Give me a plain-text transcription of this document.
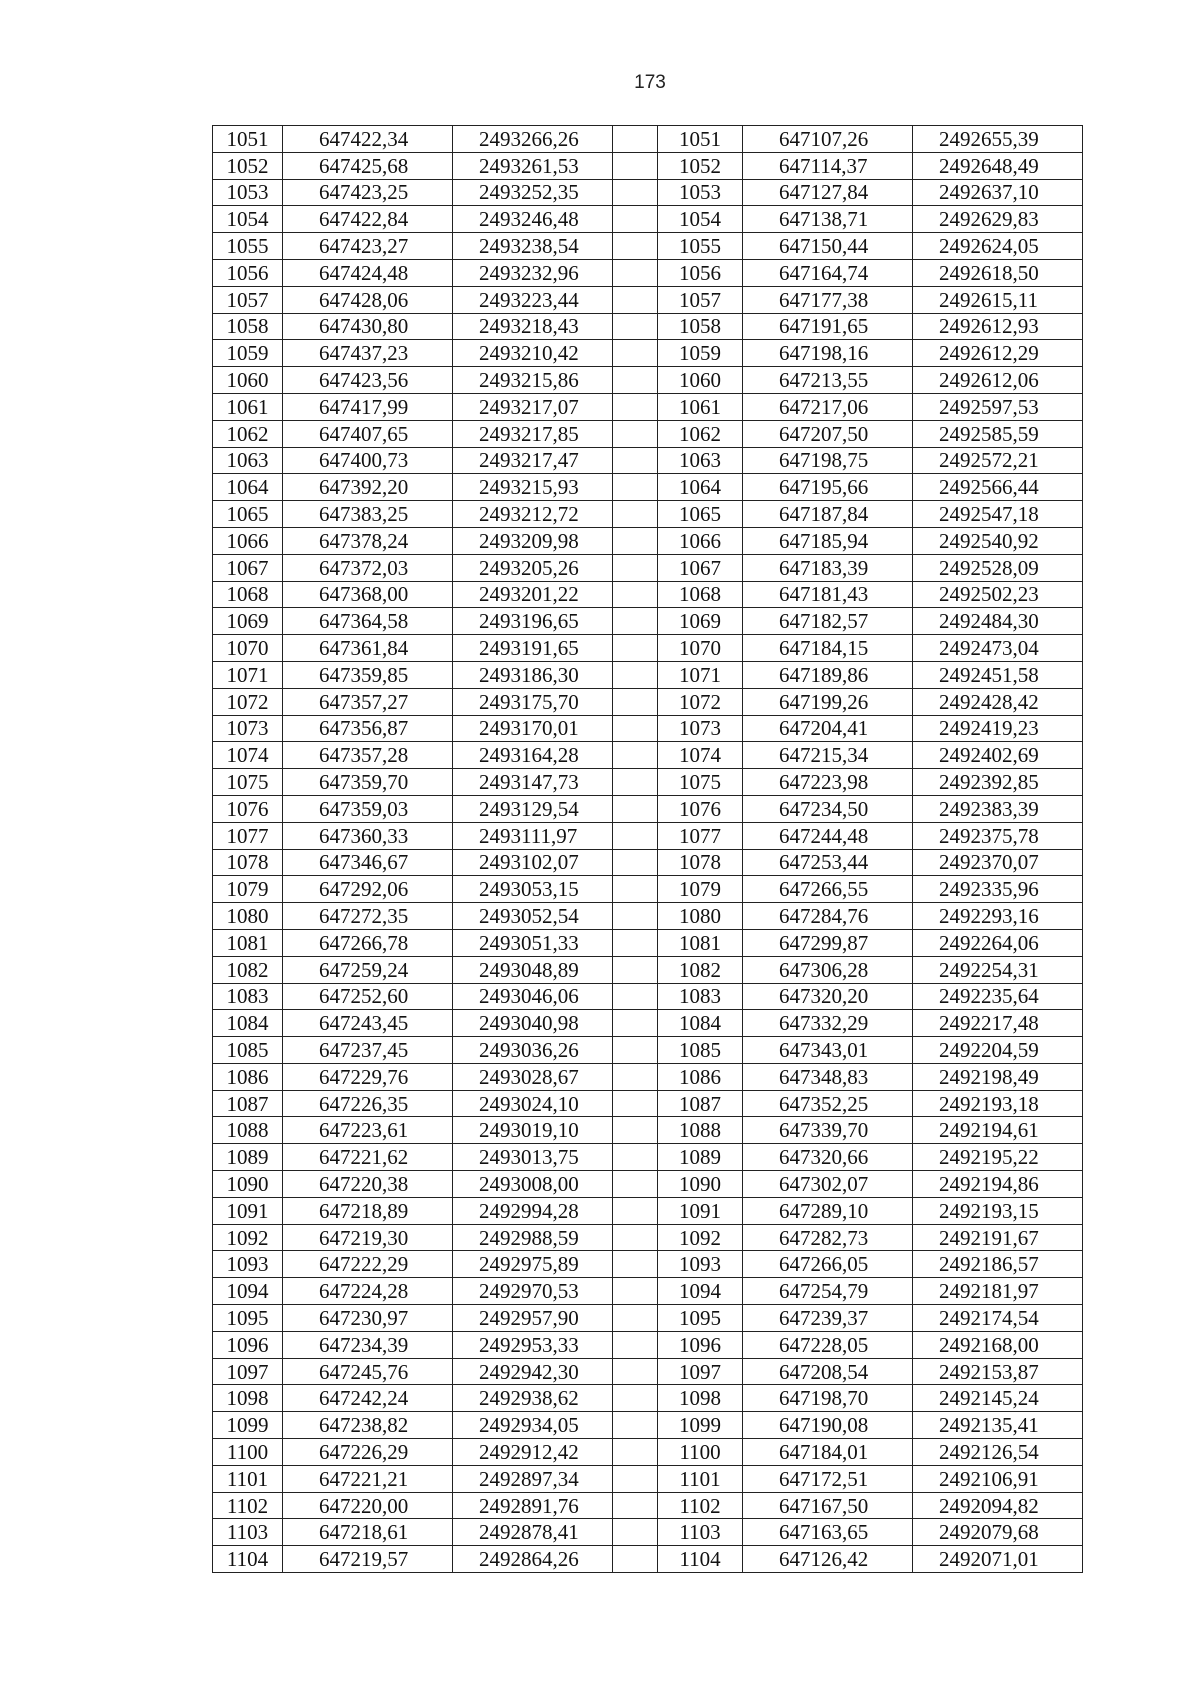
173
1051	647422,34	2493266,26		1051	647107,26	2492655,39
1052	647425,68	2493261,53		1052	647114,37	2492648,49
1053	647423,25	2493252,35		1053	647127,84	2492637,10
1054	647422,84	2493246,48		1054	647138,71	2492629,83
1055	647423,27	2493238,54		1055	647150,44	2492624,05
1056	647424,48	2493232,96		1056	647164,74	2492618,50
1057	647428,06	2493223,44		1057	647177,38	2492615,11
1058	647430,80	2493218,43		1058	647191,65	2492612,93
1059	647437,23	2493210,42		1059	647198,16	2492612,29
1060	647423,56	2493215,86		1060	647213,55	2492612,06
1061	647417,99	2493217,07		1061	647217,06	2492597,53
1062	647407,65	2493217,85		1062	647207,50	2492585,59
1063	647400,73	2493217,47		1063	647198,75	2492572,21
1064	647392,20	2493215,93		1064	647195,66	2492566,44
1065	647383,25	2493212,72		1065	647187,84	2492547,18
1066	647378,24	2493209,98		1066	647185,94	2492540,92
1067	647372,03	2493205,26		1067	647183,39	2492528,09
1068	647368,00	2493201,22		1068	647181,43	2492502,23
1069	647364,58	2493196,65		1069	647182,57	2492484,30
1070	647361,84	2493191,65		1070	647184,15	2492473,04
1071	647359,85	2493186,30		1071	647189,86	2492451,58
1072	647357,27	2493175,70		1072	647199,26	2492428,42
1073	647356,87	2493170,01		1073	647204,41	2492419,23
1074	647357,28	2493164,28		1074	647215,34	2492402,69
1075	647359,70	2493147,73		1075	647223,98	2492392,85
1076	647359,03	2493129,54		1076	647234,50	2492383,39
1077	647360,33	2493111,97		1077	647244,48	2492375,78
1078	647346,67	2493102,07		1078	647253,44	2492370,07
1079	647292,06	2493053,15		1079	647266,55	2492335,96
1080	647272,35	2493052,54		1080	647284,76	2492293,16
1081	647266,78	2493051,33		1081	647299,87	2492264,06
1082	647259,24	2493048,89		1082	647306,28	2492254,31
1083	647252,60	2493046,06		1083	647320,20	2492235,64
1084	647243,45	2493040,98		1084	647332,29	2492217,48
1085	647237,45	2493036,26		1085	647343,01	2492204,59
1086	647229,76	2493028,67		1086	647348,83	2492198,49
1087	647226,35	2493024,10		1087	647352,25	2492193,18
1088	647223,61	2493019,10		1088	647339,70	2492194,61
1089	647221,62	2493013,75		1089	647320,66	2492195,22
1090	647220,38	2493008,00		1090	647302,07	2492194,86
1091	647218,89	2492994,28		1091	647289,10	2492193,15
1092	647219,30	2492988,59		1092	647282,73	2492191,67
1093	647222,29	2492975,89		1093	647266,05	2492186,57
1094	647224,28	2492970,53		1094	647254,79	2492181,97
1095	647230,97	2492957,90		1095	647239,37	2492174,54
1096	647234,39	2492953,33		1096	647228,05	2492168,00
1097	647245,76	2492942,30		1097	647208,54	2492153,87
1098	647242,24	2492938,62		1098	647198,70	2492145,24
1099	647238,82	2492934,05		1099	647190,08	2492135,41
1100	647226,29	2492912,42		1100	647184,01	2492126,54
1101	647221,21	2492897,34		1101	647172,51	2492106,91
1102	647220,00	2492891,76		1102	647167,50	2492094,82
1103	647218,61	2492878,41		1103	647163,65	2492079,68
1104	647219,57	2492864,26		1104	647126,42	2492071,01
